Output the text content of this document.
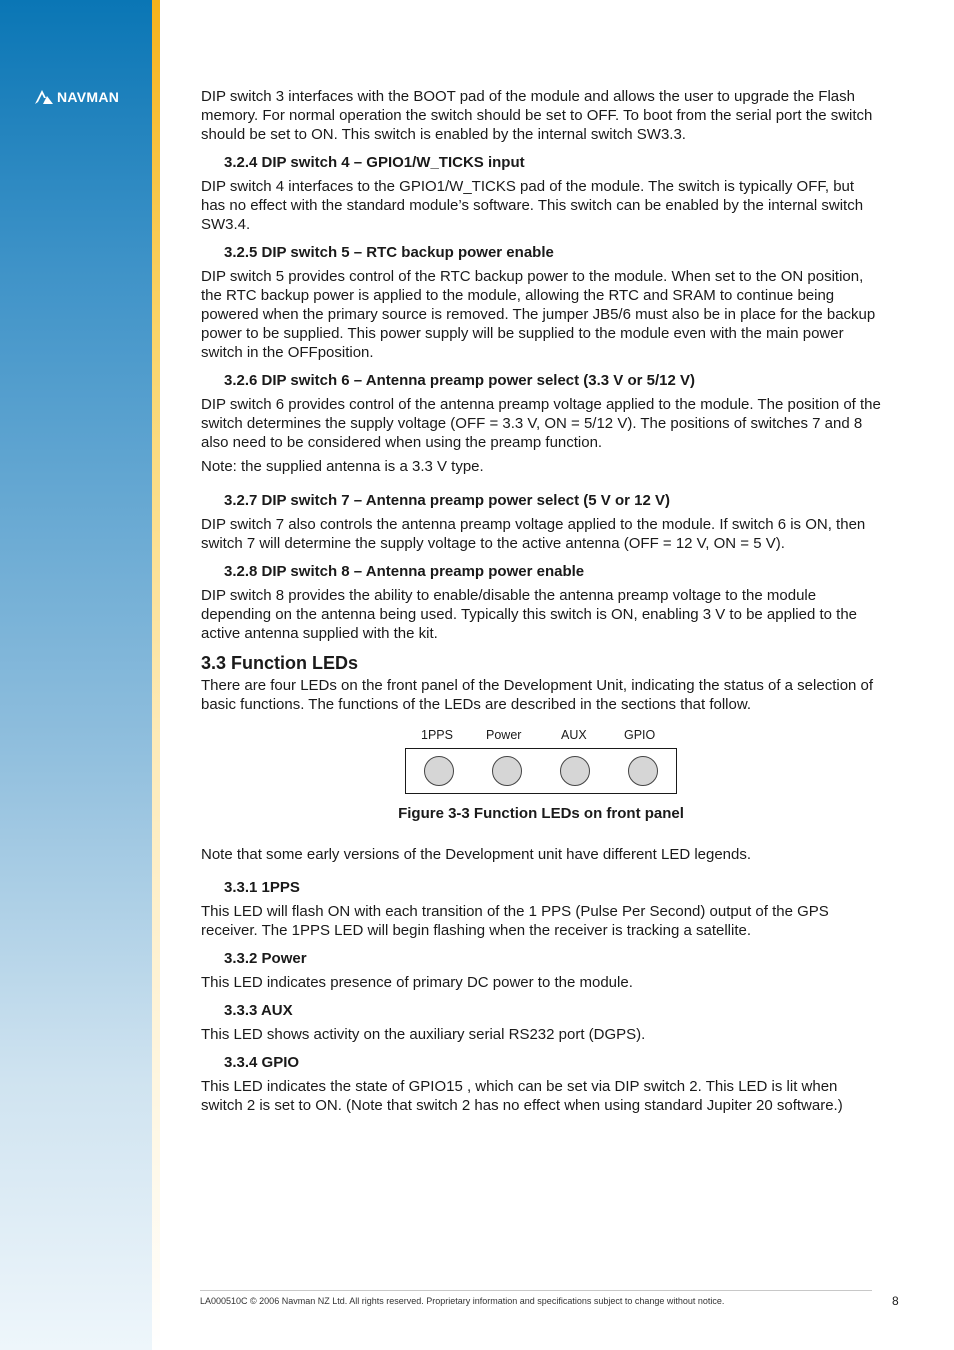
NAVMAN	DIP switch 3 interfaces with the BOOT pad of the module and allows the user to upgrade the Flash memory. For normal operation the switch should be set to OFF. To boot from the serial port the switch should be set to ON. This switch is enabled by the internal switch SW3.3.

3.2.4 DIP switch 4 – GPIO1/W_TICKS input

DIP switch 4 interfaces to the GPIO1/W_TICKS pad of the module. The switch is typically OFF, but has no effect with the standard module’s software. This switch can be enabled by the internal switch SW3.4.

3.2.5 DIP switch 5 – RTC backup power enable

DIP switch 5 provides control of the RTC backup power to the module. When set to the ON position, the RTC backup power is applied to the module, allowing the RTC and SRAM to continue being powered when the primary source is removed. The jumper JB5/6 must also be in place for the backup power to be supplied. This power supply will be supplied to the module even with the main power switch in the OFFposition.

3.2.6 DIP switch 6 – Antenna preamp power select (3.3 V or 5/12 V)

DIP switch 6 provides control of the antenna preamp voltage applied to the module. The position of the switch determines the supply voltage (OFF = 3.3 V, ON = 5/12 V). The positions of switches 7 and 8 also need to be considered when using the preamp function.

Note: the supplied antenna is a 3.3 V type.

3.2.7 DIP switch 7 – Antenna preamp power select (5 V or 12 V)

DIP switch 7 also controls the antenna preamp voltage applied to the module. If switch 6 is ON, then switch 7 will determine the supply voltage to the active antenna (OFF = 12 V, ON = 5 V).

3.2.8 DIP switch 8 – Antenna preamp power enable

DIP switch 8 provides the ability to enable/disable the antenna preamp voltage to the module depending on the antenna being used. Typically this switch is ON, enabling 3 V to be applied to the active antenna supplied with the kit.

3.3 Function LEDs

There are four LEDs on the front panel of the Development Unit, indicating the status of a selection of basic functions. The functions of the LEDs are described in the sections that follow.

1PPS	Power	AUX	GPIO
Figure 3-3 Function LEDs on front panel

Note that some early versions of the Development unit have different LED legends.

3.3.1 1PPS

This LED will flash ON with each transition of the 1 PPS (Pulse Per Second) output of the GPS receiver. The 1PPS LED will begin flashing when the receiver is tracking a satellite.

3.3.2 Power

This LED indicates presence of primary DC power to the module.

3.3.3 AUX

This LED shows activity on the auxiliary serial RS232 port (DGPS).

3.3.4 GPIO

This LED indicates the state of GPIO15 , which can be set via DIP switch 2. This LED is lit when switch 2 is set to ON. (Note that switch 2 has no effect when using standard Jupiter 20 software.)

LA000510C © 2006 Navman NZ Ltd. All rights reserved. Proprietary information and specifications subject to change without notice.	8
